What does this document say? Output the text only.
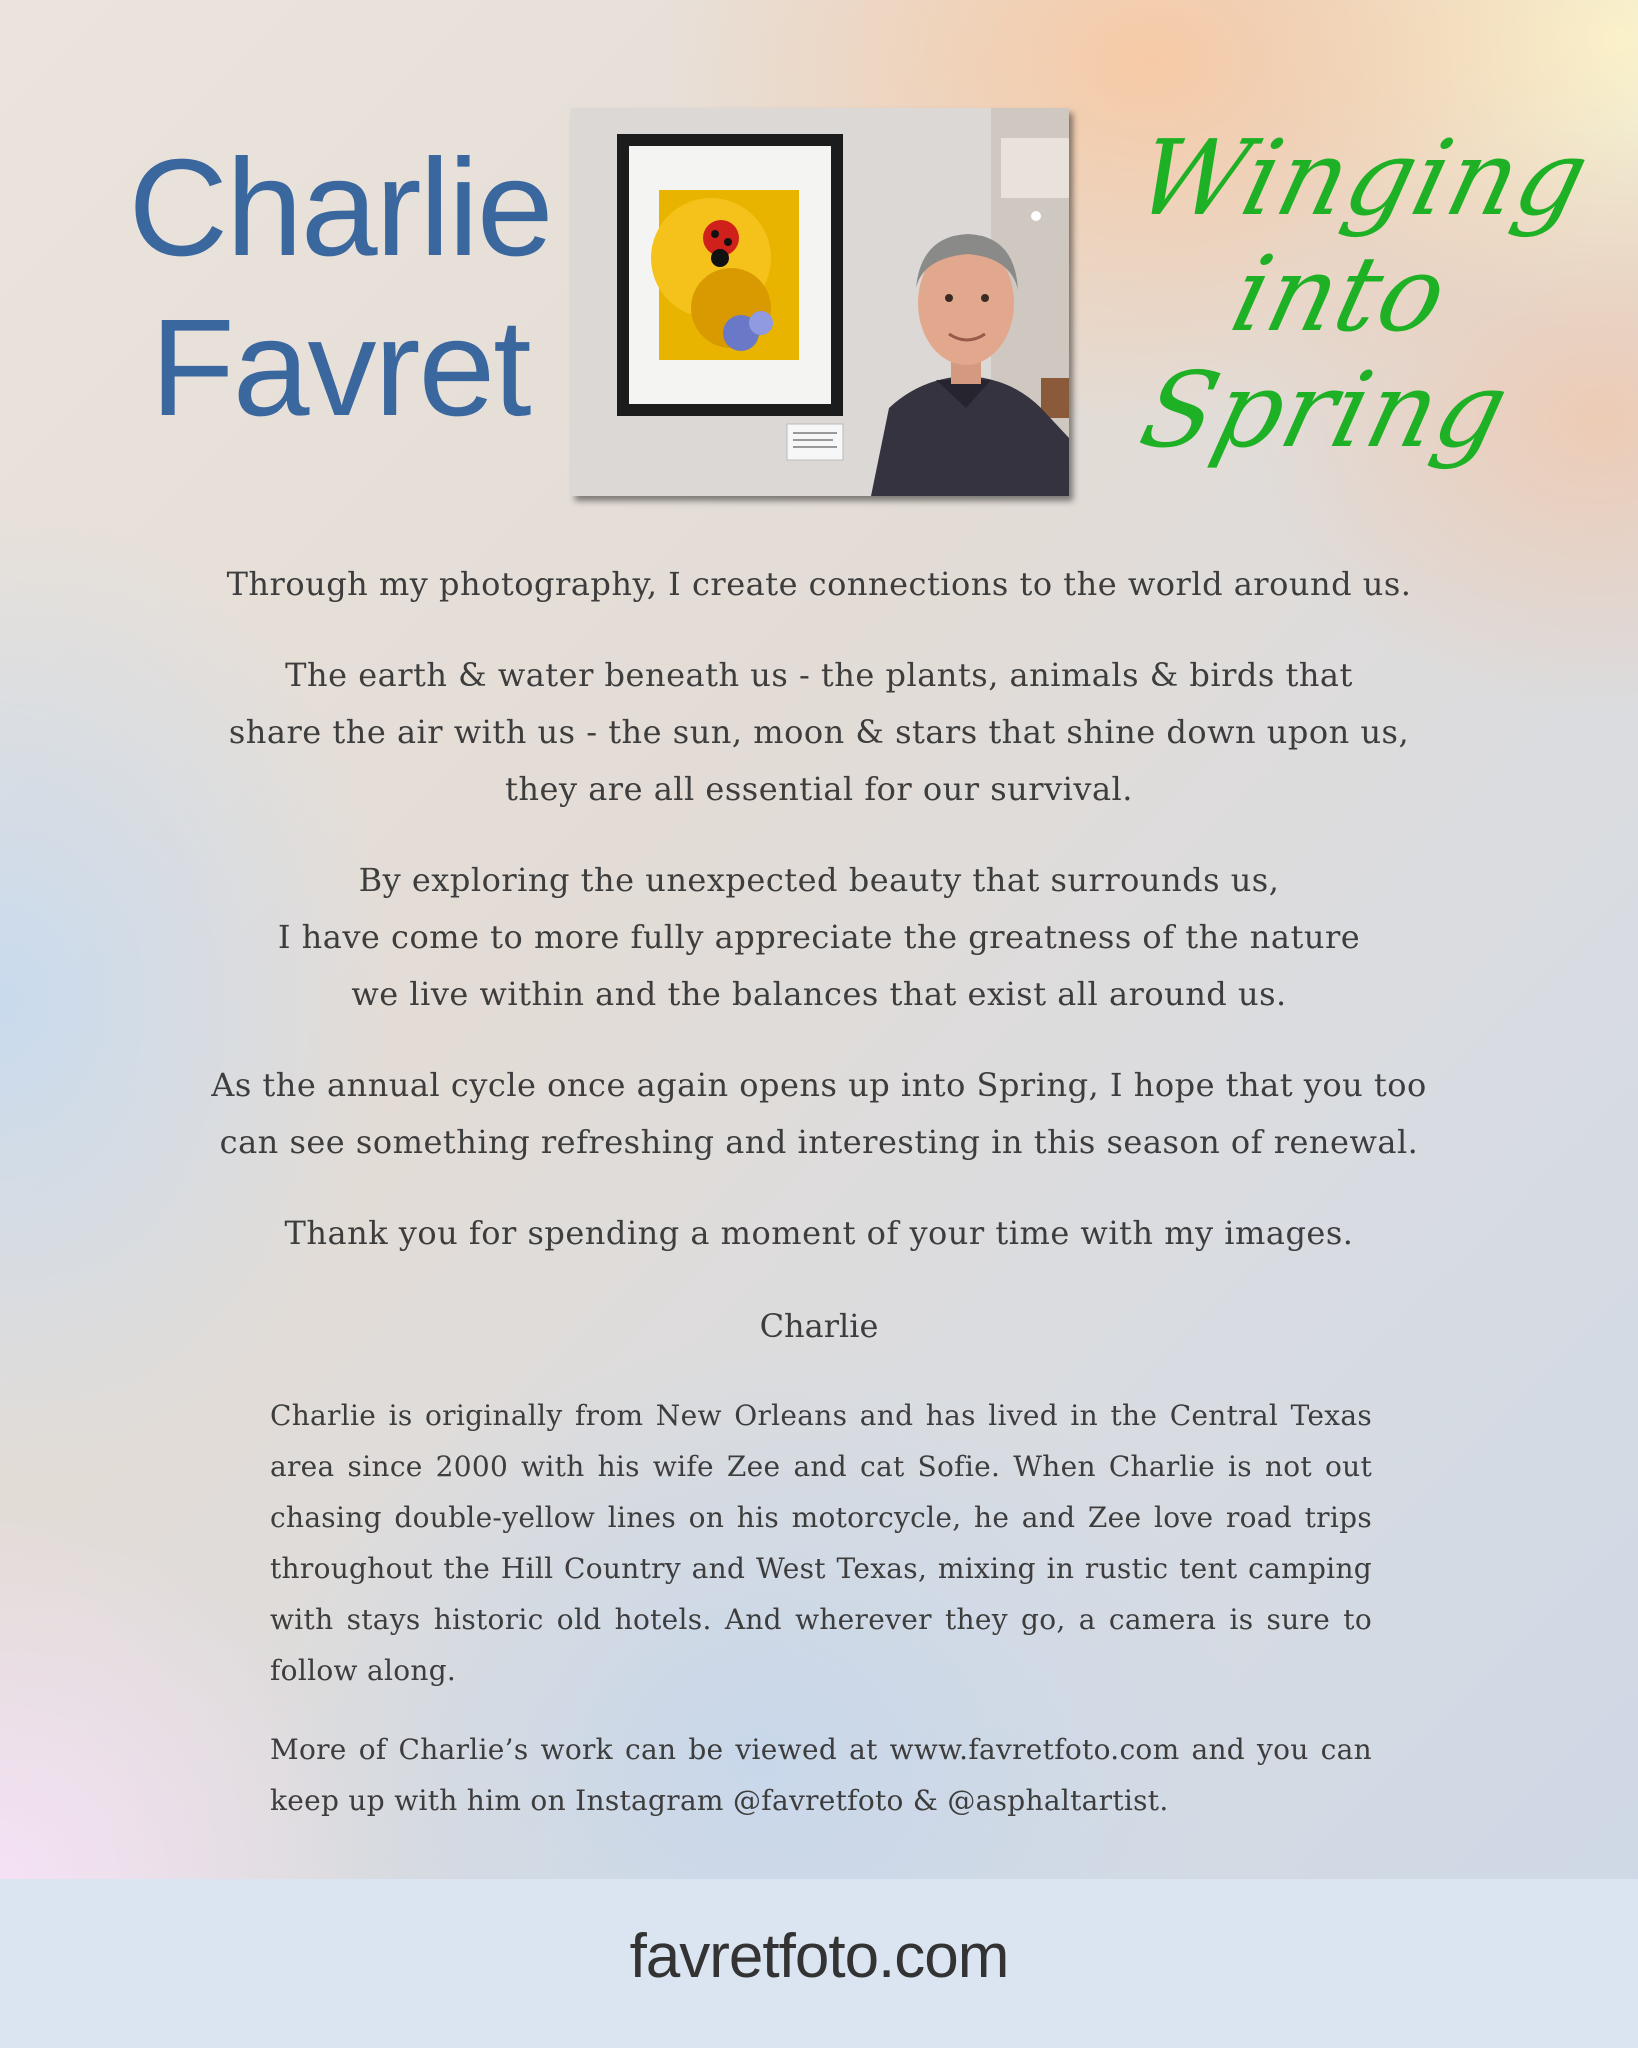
Charlie
Favret
Winging
into
Spring

Through my photography, I create connections to the world around us.

The earth & water beneath us - the plants, animals & birds that
share the air with us - the sun, moon & stars that shine down upon us,
they are all essential for our survival.

By exploring the unexpected beauty that surrounds us,
I have come to more fully appreciate the greatness of the nature
we live within and the balances that exist all around us.

As the annual cycle once again opens up into Spring, I hope that you too
can see something refreshing and interesting in this season of renewal.

Thank you for spending a moment of your time with my images.

Charlie

Charlie is originally from New Orleans and has lived in the Central Texas area since 2000 with his wife Zee and cat Sofie. When Charlie is not out chasing double-yellow lines on his motorcycle, he and Zee love road trips throughout the Hill Country and West Texas, mixing in rustic tent camping with stays historic old hotels. And wherever they go, a camera is sure to follow along.

More of Charlie’s work can be viewed at www.favretfoto.com and you can keep up with him on Instagram @favretfoto & @asphaltartist.

favretfoto.com
